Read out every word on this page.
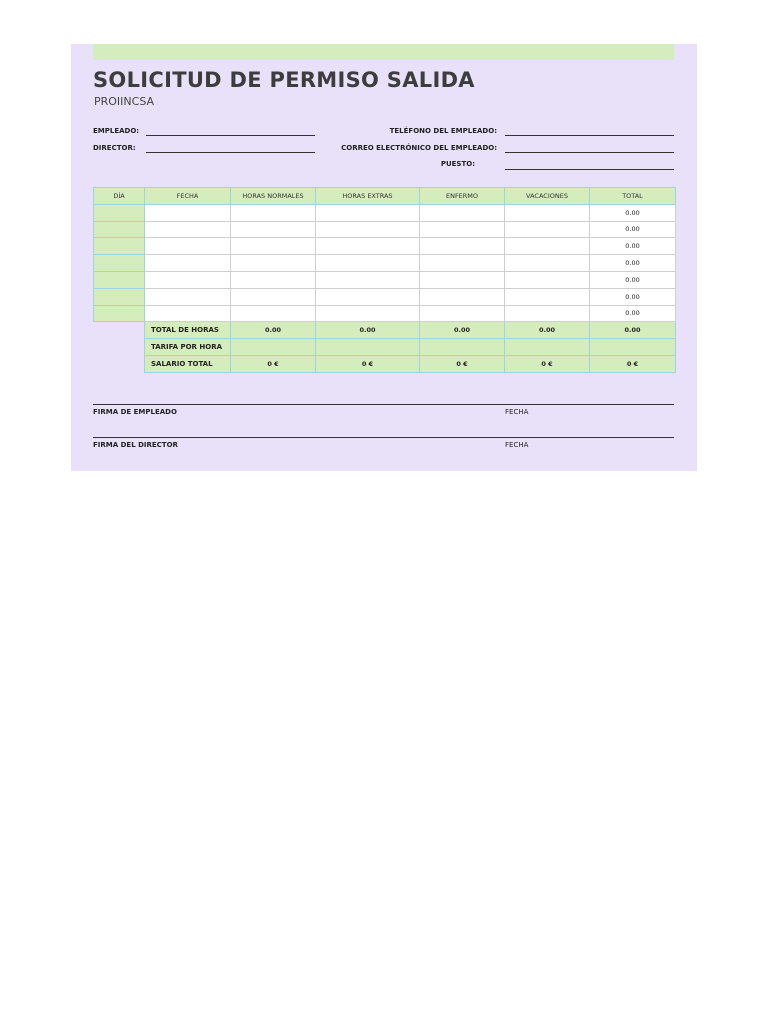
SOLICITUD DE PERMISO SALIDA
PROIINCSA
EMPLEADO:
DIRECTOR:
TELÉFONO DEL EMPLEADO:
CORREO ELECTRÓNICO DEL EMPLEADO:
PUESTO:
DÍA	FECHA	HORAS NORMALES	HORAS EXTRAS	ENFERMO	VACACIONES	TOTAL
						0.00
						0.00
						0.00
						0.00
						0.00
						0.00
						0.00
	TOTAL DE HORAS	0.00	0.00	0.00	0.00	0.00
	TARIFA POR HORA					
	SALARIO TOTAL	0 €	0 €	0 €	0 €	0 €
FIRMA DE EMPLEADO	FECHA
FIRMA DEL DIRECTOR	FECHA
